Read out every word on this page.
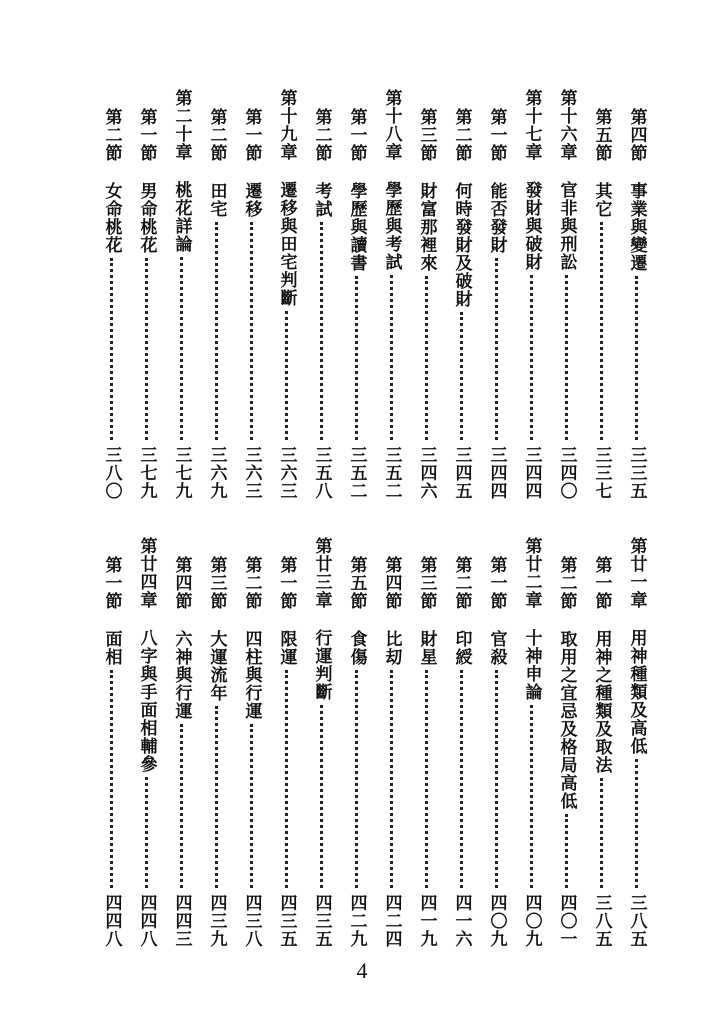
第四節
事業與變遷
三三五
第五節
其它
三三七
第十六章
官非與刑訟
三四〇
第十七章
發財與破財
三四四
第一節
能否發財
三四四
第二節
何時發財及破財
三四五
第三節
財富那裡來
三四六
第十八章
學歷與考試
三五二
第一節
學歷與讀書
三五二
第二節
考試
三五八
第十九章
遷移與田宅判斷
三六三
第一節
遷移
三六三
第二節
田宅
三六九
第二十章
桃花詳論
三七九
第一節
男命桃花
三七九
第二節
女命桃花
三八〇
第廿一章
用神種類及高低
三八五
第一節
用神之種類及取法
三八五
第二節
取用之宜忌及格局高低
四〇一
第廿二章
十神申論
四〇九
第一節
官殺
四〇九
第二節
印綬
四一六
第三節
財星
四一九
第四節
比刧
四二四
第五節
食傷
四二九
第廿三章
行運判斷
四三五
第一節
限運
四三五
第二節
四柱與行運
四三八
第三節
大運流年
四三九
第四節
六神與行運
四四三
第廿四章
八字與手面相輔參
四四八
第一節
面相
四四八
4
